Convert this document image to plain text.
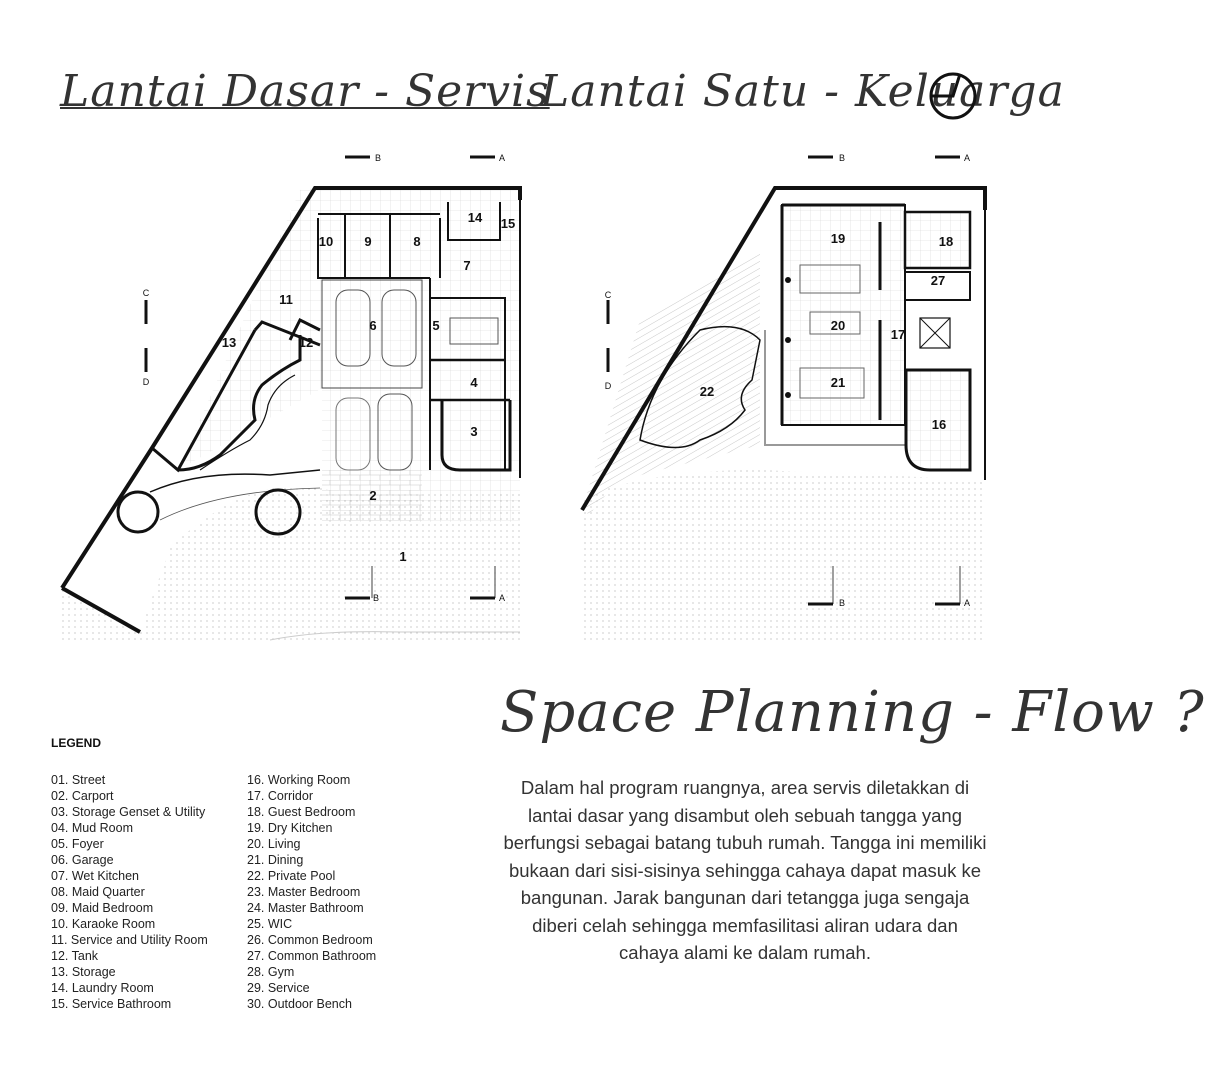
Lantai Dasar - Servis
Lantai Satu - Keluarga
Space Planning - Flow ?
1
2
3
4
5
6
7
8
9
10
11
12
13
14 15
16
17
18
19
20
21
22
27
A
B
C
D
A
B
A
B
C
D
A
B
LEGEND
01. Street
02. Carport
03. Storage Genset & Utility
04. Mud Room
05. Foyer
06. Garage
07. Wet Kitchen
08. Maid Quarter
09. Maid Bedroom
10. Karaoke Room
11. Service and Utility Room
12. Tank
13. Storage
14. Laundry Room
15. Service Bathroom
16. Working Room
17. Corridor
18. Guest Bedroom
19. Dry Kitchen
20. Living
21. Dining
22. Private Pool
23. Master Bedroom
24. Master Bathroom
25. WIC
26. Common Bedroom
27. Common Bathroom
28. Gym
29. Service
30. Outdoor Bench
Dalam hal program ruangnya, area servis diletakkan di lantai dasar yang disambut oleh sebuah tangga yang berfungsi sebagai batang tubuh rumah. Tangga ini memiliki bukaan dari sisi-sisinya sehingga cahaya dapat masuk ke bangunan. Jarak bangunan dari tetangga juga sengaja diberi celah sehingga memfasilitasi aliran udara dan cahaya alami ke dalam rumah.
